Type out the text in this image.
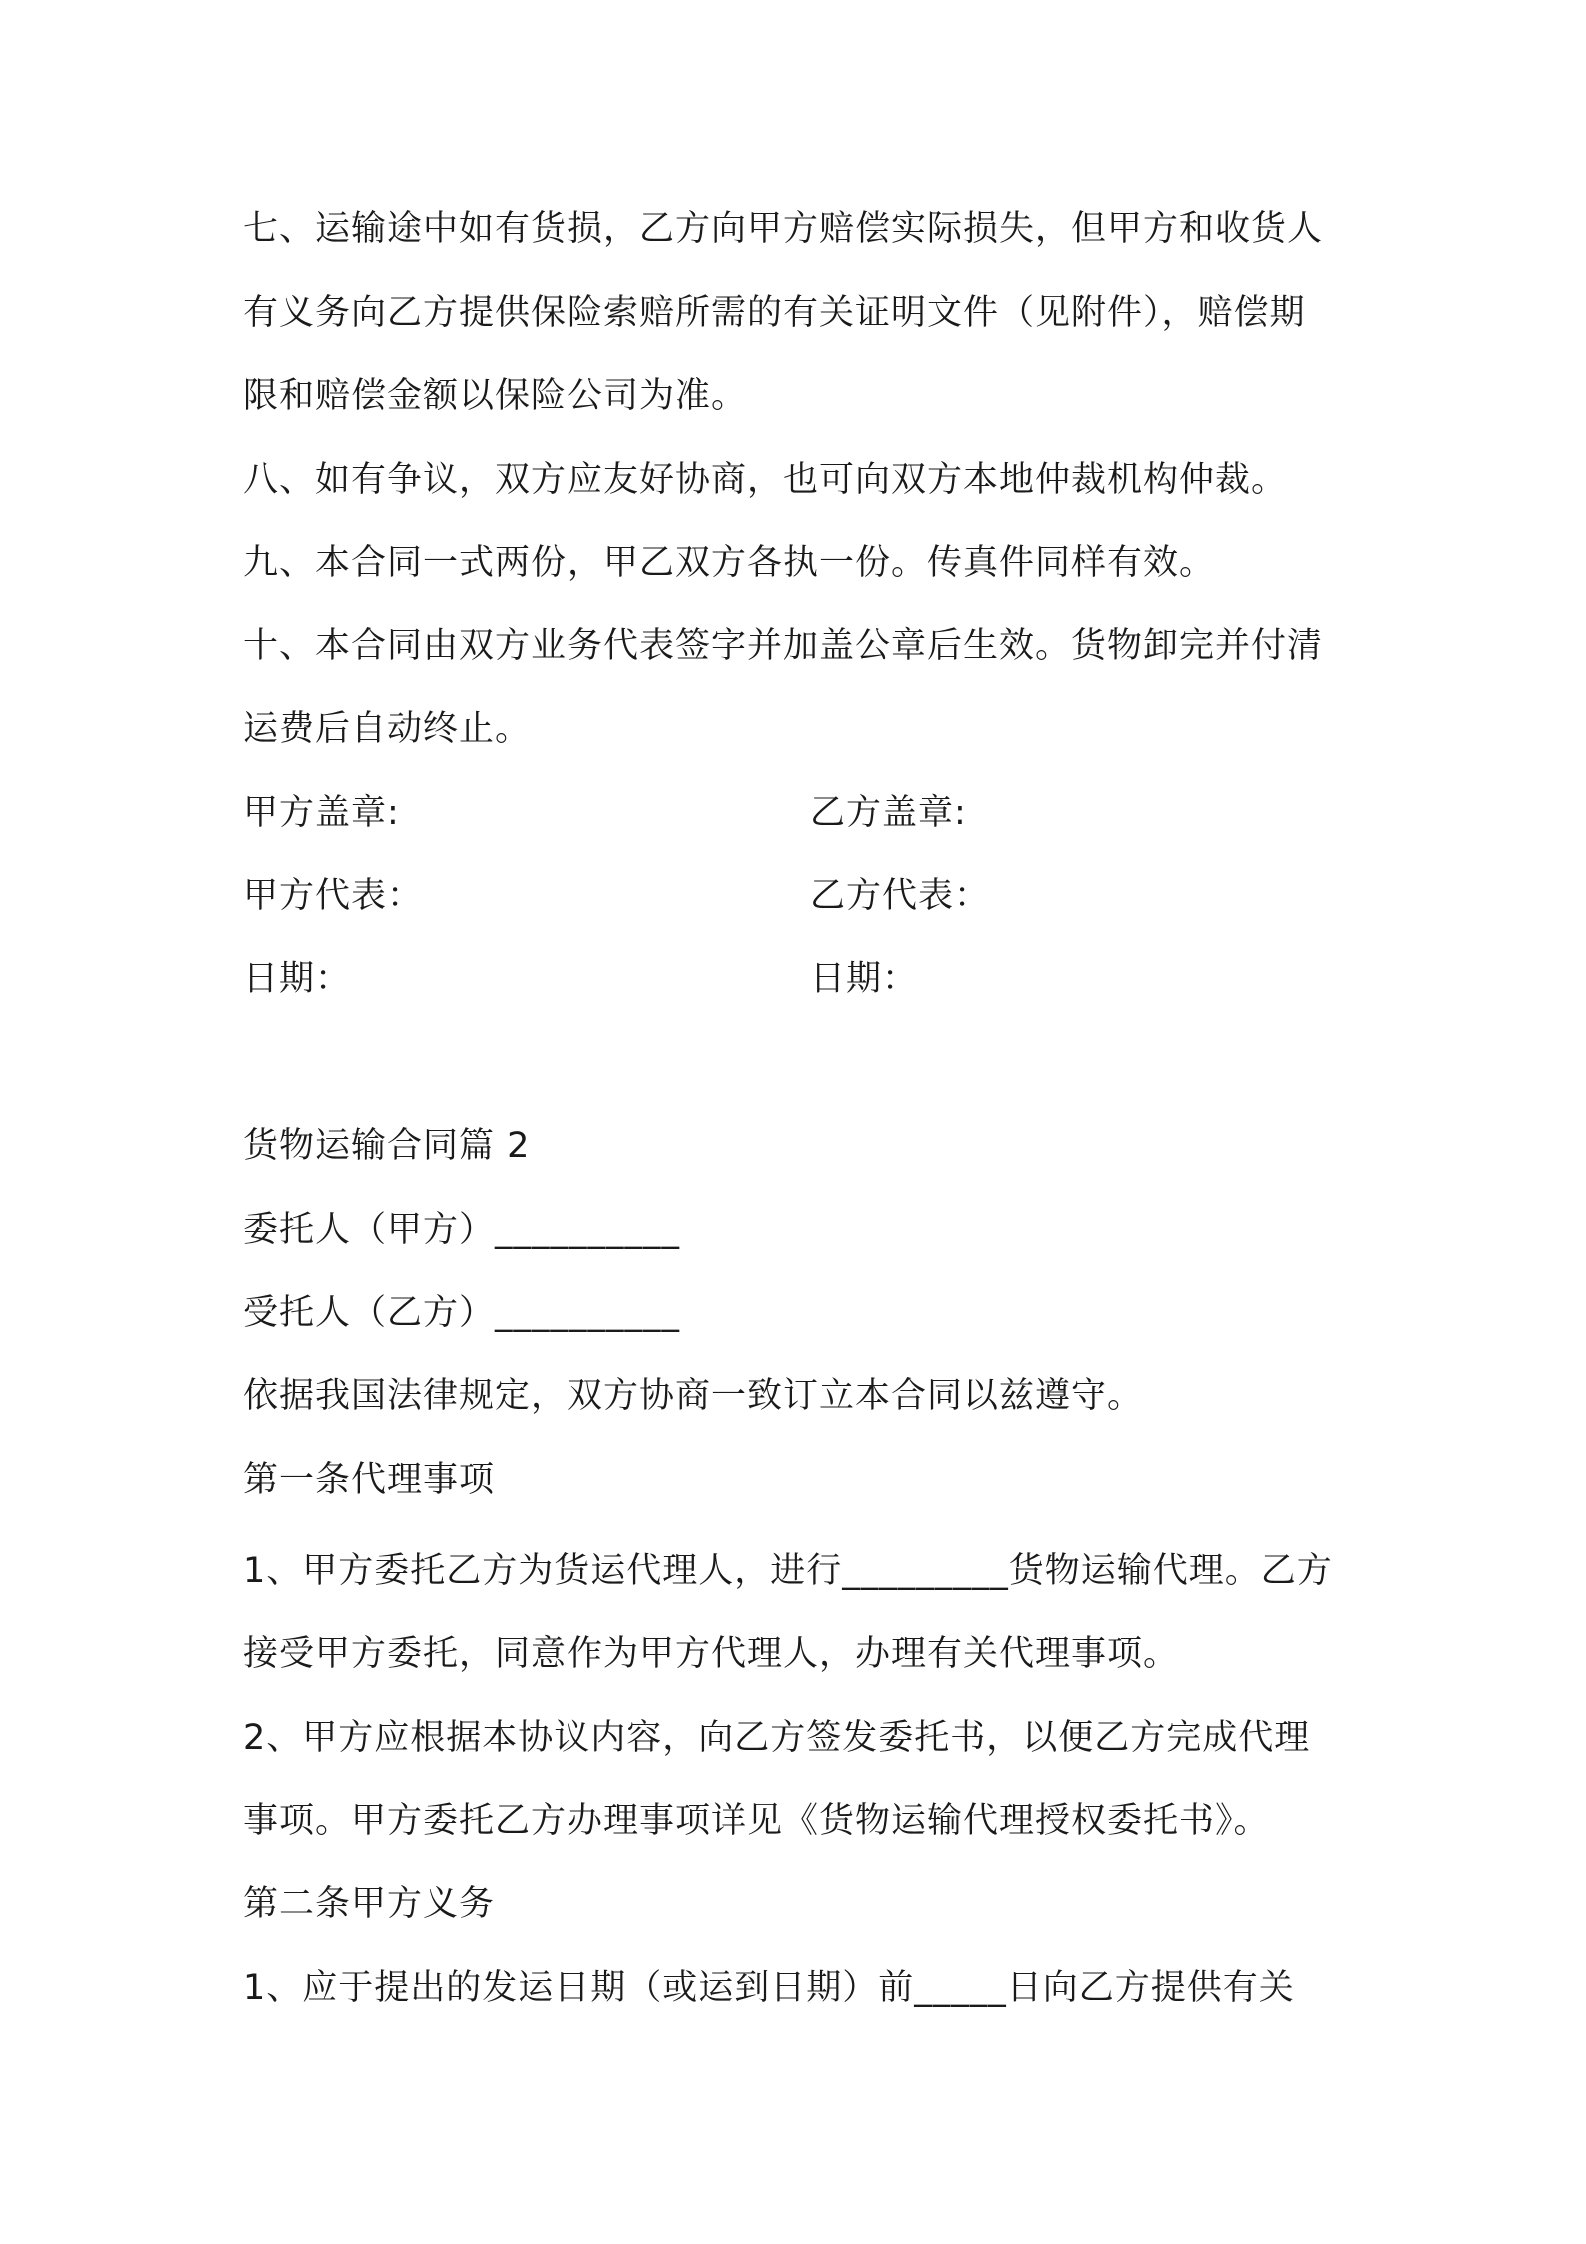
七、运输途中如有货损，乙方向甲方赔偿实际损失，但甲方和收货人
有义务向乙方提供保险索赔所需的有关证明文件（见附件），赔偿期
限和赔偿金额以保险公司为准。
八、如有争议，双方应友好协商，也可向双方本地仲裁机构仲裁。
九、本合同一式两份，甲乙双方各执一份。传真件同样有效。
十、本合同由双方业务代表签字并加盖公章后生效。货物卸完并付清
运费后自动终止。
甲方盖章:	乙方盖章:
甲方代表：	乙方代表：
日期：	日期：
货物运输合同篇 2
委托人（甲方）__________
受托人（乙方）__________
依据我国法律规定，双方协商一致订立本合同以兹遵守。
第一条代理事项
1、甲方委托乙方为货运代理人，进行_________货物运输代理。乙方
接受甲方委托，同意作为甲方代理人，办理有关代理事项。
2、甲方应根据本协议内容，向乙方签发委托书，以便乙方完成代理
事项。甲方委托乙方办理事项详见《货物运输代理授权委托书》。
第二条甲方义务
1、应于提出的发运日期（或运到日期）前_____日向乙方提供有关
